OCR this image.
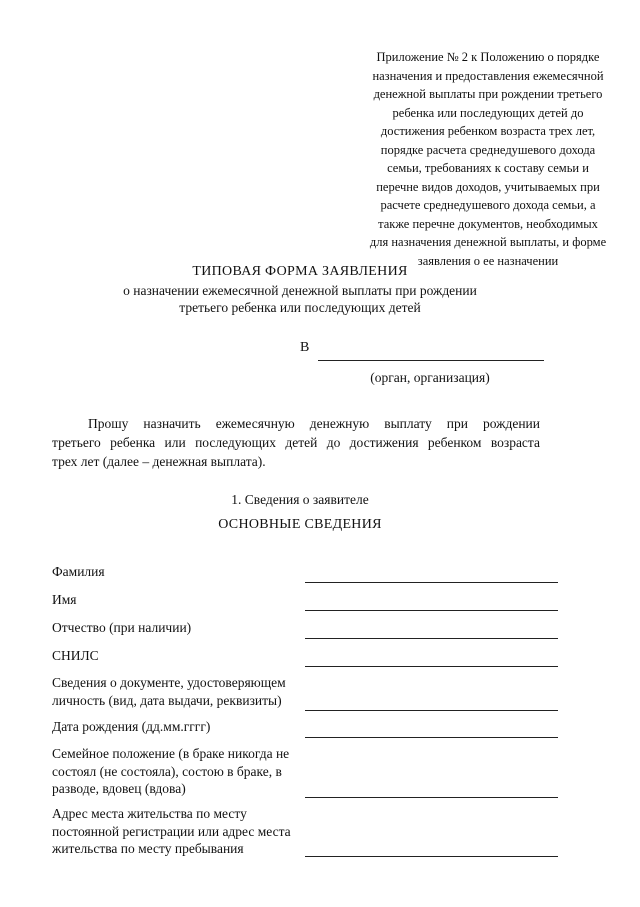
Приложение № 2 к Положению о порядке
назначения и предоставления ежемесячной
денежной выплаты при рождении третьего
ребенка или последующих детей до
достижения ребенком возраста трех лет,
порядке расчета среднедушевого дохода
семьи, требованиях к составу семьи и
перечне видов доходов, учитываемых при
расчете среднедушевого дохода семьи, а
также перечне документов, необходимых
для назначения денежной выплаты, и форме
заявления о ее назначении
ТИПОВАЯ ФОРМА ЗАЯВЛЕНИЯ
о назначении ежемесячной денежной выплаты при рождении
третьего ребенка или последующих детей
В
(орган, организация)
Прошу назначить ежемесячную денежную выплату при рождении
третьего ребенка или последующих детей до достижения ребенком возраста
трех лет (далее – денежная выплата).
1. Сведения о заявителе
ОСНОВНЫЕ СВЕДЕНИЯ
Фамилия
Имя
Отчество (при наличии)
СНИЛС
Сведения о документе, удостоверяющем
личность (вид, дата выдачи, реквизиты)
Дата рождения (дд.мм.гггг)
Семейное положение (в браке никогда не
состоял (не состояла), состою в браке, в
разводе, вдовец (вдова)
Адрес места жительства по месту
постоянной регистрации или адрес места
жительства по месту пребывания
